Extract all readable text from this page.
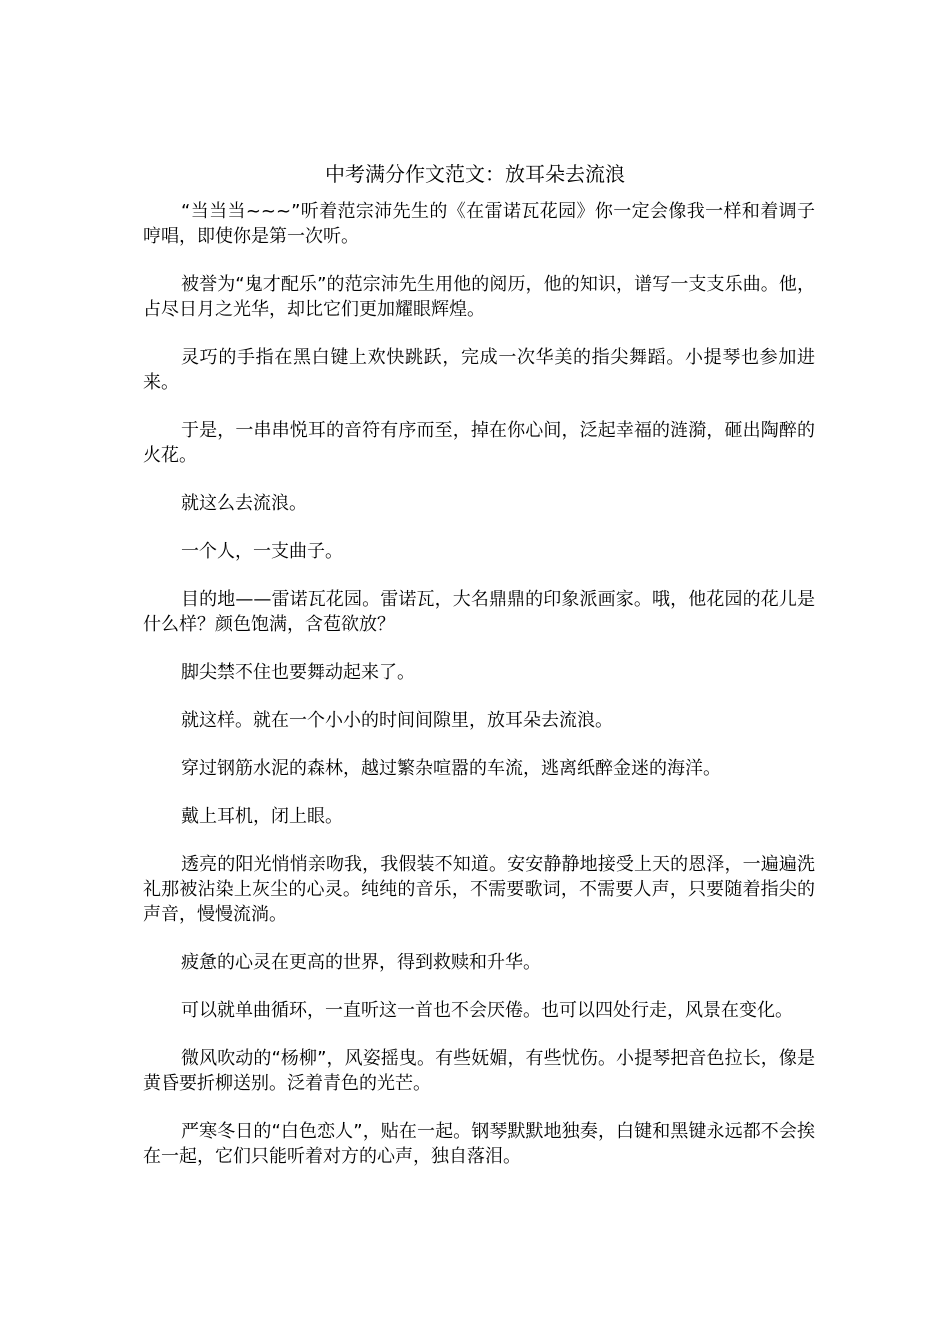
中考满分作文范文：放耳朵去流浪

“当当当~~~”听着范宗沛先生的《在雷诺瓦花园》你一定会像我一样和着调子哼唱，即使你是第一次听。

被誉为“鬼才配乐”的范宗沛先生用他的阅历，他的知识，谱写一支支乐曲。他，占尽日月之光华，却比它们更加耀眼辉煌。

灵巧的手指在黑白键上欢快跳跃，完成一次华美的指尖舞蹈。小提琴也参加进来。

于是，一串串悦耳的音符有序而至，掉在你心间，泛起幸福的涟漪，砸出陶醉的火花。

就这么去流浪。

一个人，一支曲子。

目的地——雷诺瓦花园。雷诺瓦，大名鼎鼎的印象派画家。哦，他花园的花儿是什么样？颜色饱满，含苞欲放？

脚尖禁不住也要舞动起来了。

就这样。就在一个小小的时间间隙里，放耳朵去流浪。

穿过钢筋水泥的森林，越过繁杂喧嚣的车流，逃离纸醉金迷的海洋。

戴上耳机，闭上眼。

透亮的阳光悄悄亲吻我，我假装不知道。安安静静地接受上天的恩泽，一遍遍洗礼那被沾染上灰尘的心灵。纯纯的音乐，不需要歌词，不需要人声，只要随着指尖的声音，慢慢流淌。

疲惫的心灵在更高的世界，得到救赎和升华。

可以就单曲循环，一直听这一首也不会厌倦。也可以四处行走，风景在变化。

微风吹动的“杨柳”，风姿摇曳。有些妩媚，有些忧伤。小提琴把音色拉长，像是黄昏要折柳送别。泛着青色的光芒。

严寒冬日的“白色恋人”，贴在一起。钢琴默默地独奏，白键和黑键永远都不会挨在一起，它们只能听着对方的心声，独自落泪。
